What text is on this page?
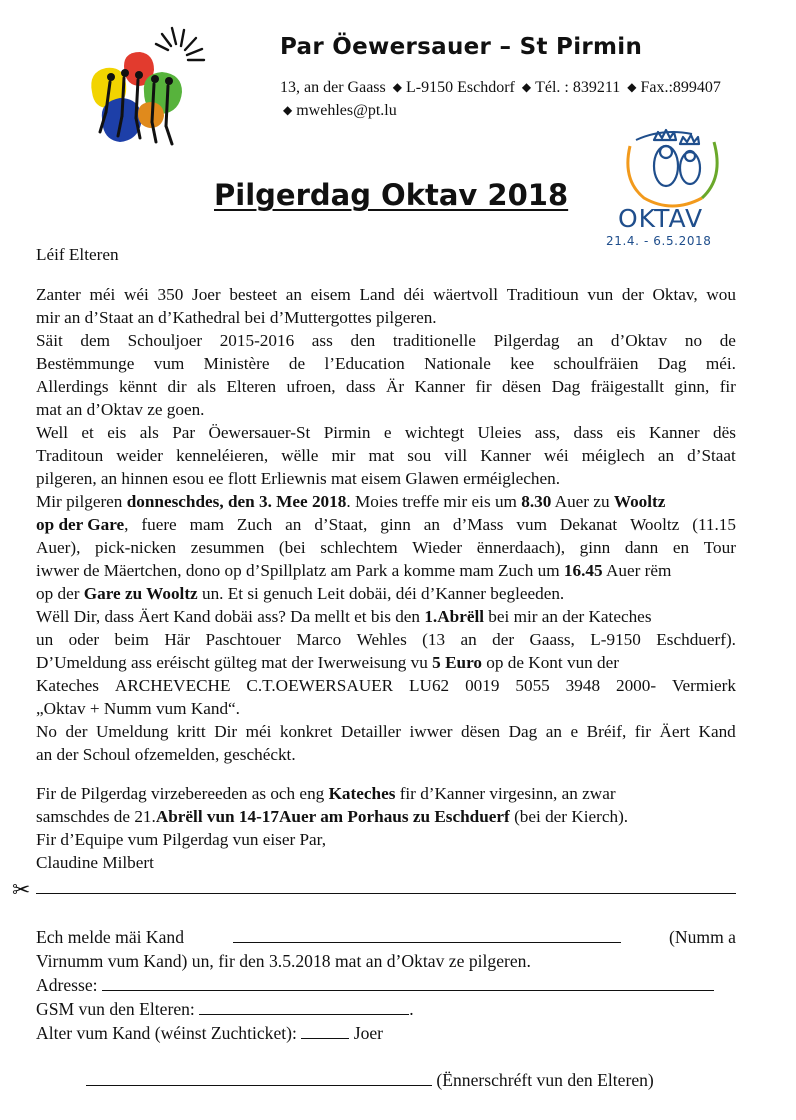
Par Öewersauer – St Pirmin
13, an der Gaass ◆ L-9150 Eschdorf ◆ Tél. : 839211 ◆ Fax.:899407
◆ mwehles@pt.lu
OKTAV
21.4. - 6.5.2018
Pilgerdag Oktav 2018
Léif Elteren
Zanter méi wéi 350 Joer besteet an eisem Land déi wäertvoll Traditioun vun der Oktav, wou
mir an d’Staat an d’Kathedral bei d’Muttergottes pilgeren.
Säit dem Schouljoer 2015-2016 ass den traditionelle Pilgerdag an d’Oktav no de
Bestëmmunge vum Ministère de l’Education Nationale kee schoulfräien Dag méi.
Allerdings kënnt dir als Elteren ufroen, dass Är Kanner fir dësen Dag fräigestallt ginn, fir
mat an d’Oktav ze goen.
Well et eis als Par Öewersauer-St Pirmin e wichtegt Uleies ass, dass eis Kanner dës
Traditoun weider kenneléieren, wëlle mir mat sou vill Kanner wéi méiglech an d’Staat
pilgeren, an hinnen esou ee flott Erliewnis mat eisem Glawen erméiglechen.
Mir pilgeren donneschdes, den 3. Mee 2018. Moies treffe mir eis um 8.30 Auer zu Wooltz
op der Gare, fuere mam Zuch an d’Staat, ginn an d’Mass vum Dekanat Wooltz (11.15
Auer), pick-nicken zesummen (bei schlechtem Wieder ënnerdaach), ginn dann en Tour
iwwer de Mäertchen, dono op d’Spillplatz am Park a komme mam Zuch um 16.45 Auer rëm
op der Gare zu Wooltz un. Et si genuch Leit dobäi, déi d’Kanner begleeden.
Wëll Dir, dass Äert Kand dobäi ass? Da mellt et bis den 1.Abrëll bei mir an der Kateches
un oder beim Här Paschtouer Marco Wehles (13 an der Gaass, L-9150 Eschduerf).
D’Umeldung ass eréischt gülteg mat der Iwerweisung vu 5 Euro op de Kont vun der
Kateches ARCHEVECHE C.T.OEWERSAUER LU62 0019 5055 3948 2000- Vermierk
„Oktav + Numm vum Kand“.
No der Umeldung kritt Dir méi konkret Detailler iwwer dësen Dag an e Bréif, fir Äert Kand
an der Schoul ofzemelden, geschéckt.
Fir de Pilgerdag virzebereeden as och eng Kateches fir d’Kanner virgesinn, an zwar
samschdes de 21.Abrëll vun 14-17Auer am Porhaus zu Eschduerf (bei der Kierch).
Fir d’Equipe vum Pilgerdag vun eiser Par,
Claudine Milbert
✂
Ech melde mäi Kand	(Numm a
Virnumm vum Kand) un, fir den 3.5.2018 mat an d’Oktav ze pilgeren.
Adresse:
GSM vun den Elteren:	.
Alter vum Kand (wéinst Zuchticket):	Joer
(Ënnerschréft vun den Elteren)
